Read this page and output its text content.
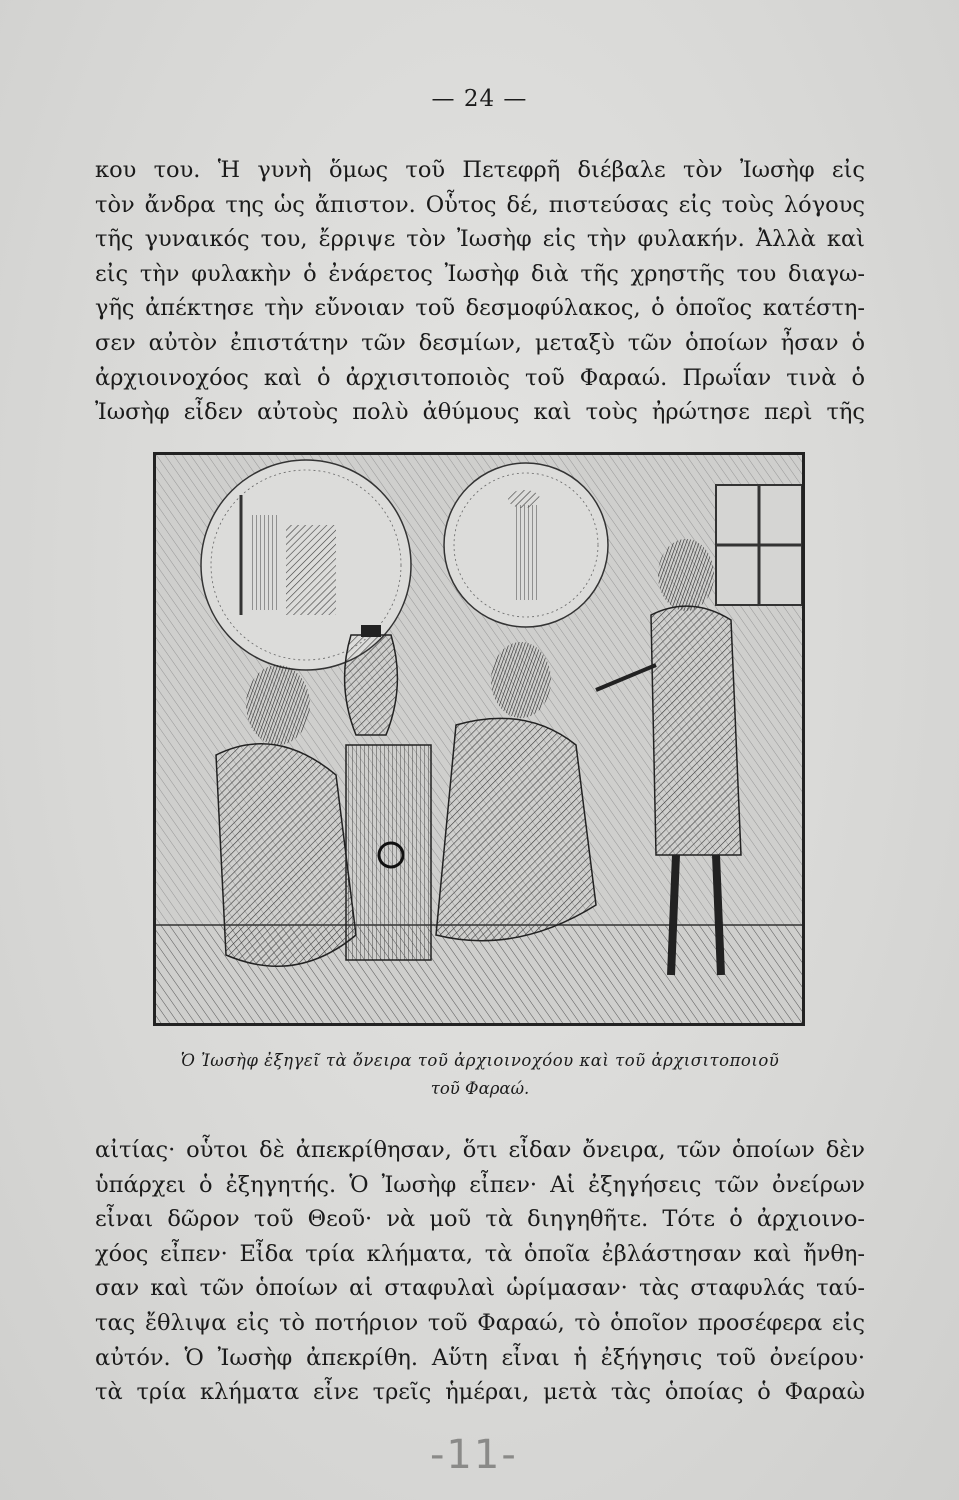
— 24 —
κου του. Ἡ γυνὴ ὅμως τοῦ Πετεφρῆ διέβαλε τὸν Ἰωσὴφ εἰς
τὸν ἄνδρα της ὡς ἄπιστον. Οὗτος δέ, πιστεύσας εἰς τοὺς λόγους
τῆς γυναικός του, ἔρριψε τὸν Ἰωσὴφ εἰς τὴν φυλακήν. Ἀλλὰ καὶ
εἰς τὴν φυλακὴν ὁ ἐνάρετος Ἰωσὴφ διὰ τῆς χρηστῆς του διαγω-
γῆς ἀπέκτησε τὴν εὔνοιαν τοῦ δεσμοφύλακος, ὁ ὁποῖος κατέστη-
σεν αὐτὸν ἐπιστάτην τῶν δεσμίων, μεταξὺ τῶν ὁποίων ἦσαν ὁ
ἀρχιοινοχόος καὶ ὁ ἀρχισιτοποιὸς τοῦ Φαραώ. Πρωΐαν τινὰ ὁ
Ἰωσὴφ εἶδεν αὐτοὺς πολὺ ἀθύμους καὶ τοὺς ἠρώτησε περὶ τῆς
Ὁ Ἰωσὴφ ἐξηγεῖ τὰ ὄνειρα τοῦ ἀρχιοινοχόου καὶ τοῦ ἀρχισιτοποιοῦ
τοῦ Φαραώ.
αἰτίας· οὗτοι δὲ ἀπεκρίθησαν, ὅτι εἶδαν ὄνειρα, τῶν ὁποίων δὲν
ὑπάρχει ὁ ἐξηγητής. Ὁ Ἰωσὴφ εἶπεν· Αἱ ἐξηγήσεις τῶν ὀνείρων
εἶναι δῶρον τοῦ Θεοῦ· νὰ μοῦ τὰ διηγηθῆτε. Τότε ὁ ἀρχιοινο-
χόος εἶπεν· Εἶδα τρία κλήματα, τὰ ὁποῖα ἐβλάστησαν καὶ ἤνθη-
σαν καὶ τῶν ὁποίων αἱ σταφυλαὶ ὡρίμασαν· τὰς σταφυλάς ταύ-
τας ἔθλιψα εἰς τὸ ποτήριον τοῦ Φαραώ, τὸ ὁποῖον προσέφερα εἰς
αὐτόν. Ὁ Ἰωσὴφ ἀπεκρίθη. Αὕτη εἶναι ἡ ἐξήγησις τοῦ ὀνείρου·
τὰ τρία κλήματα εἶνε τρεῖς ἡμέραι, μετὰ τὰς ὁποίας ὁ Φαραὼ
-11-
